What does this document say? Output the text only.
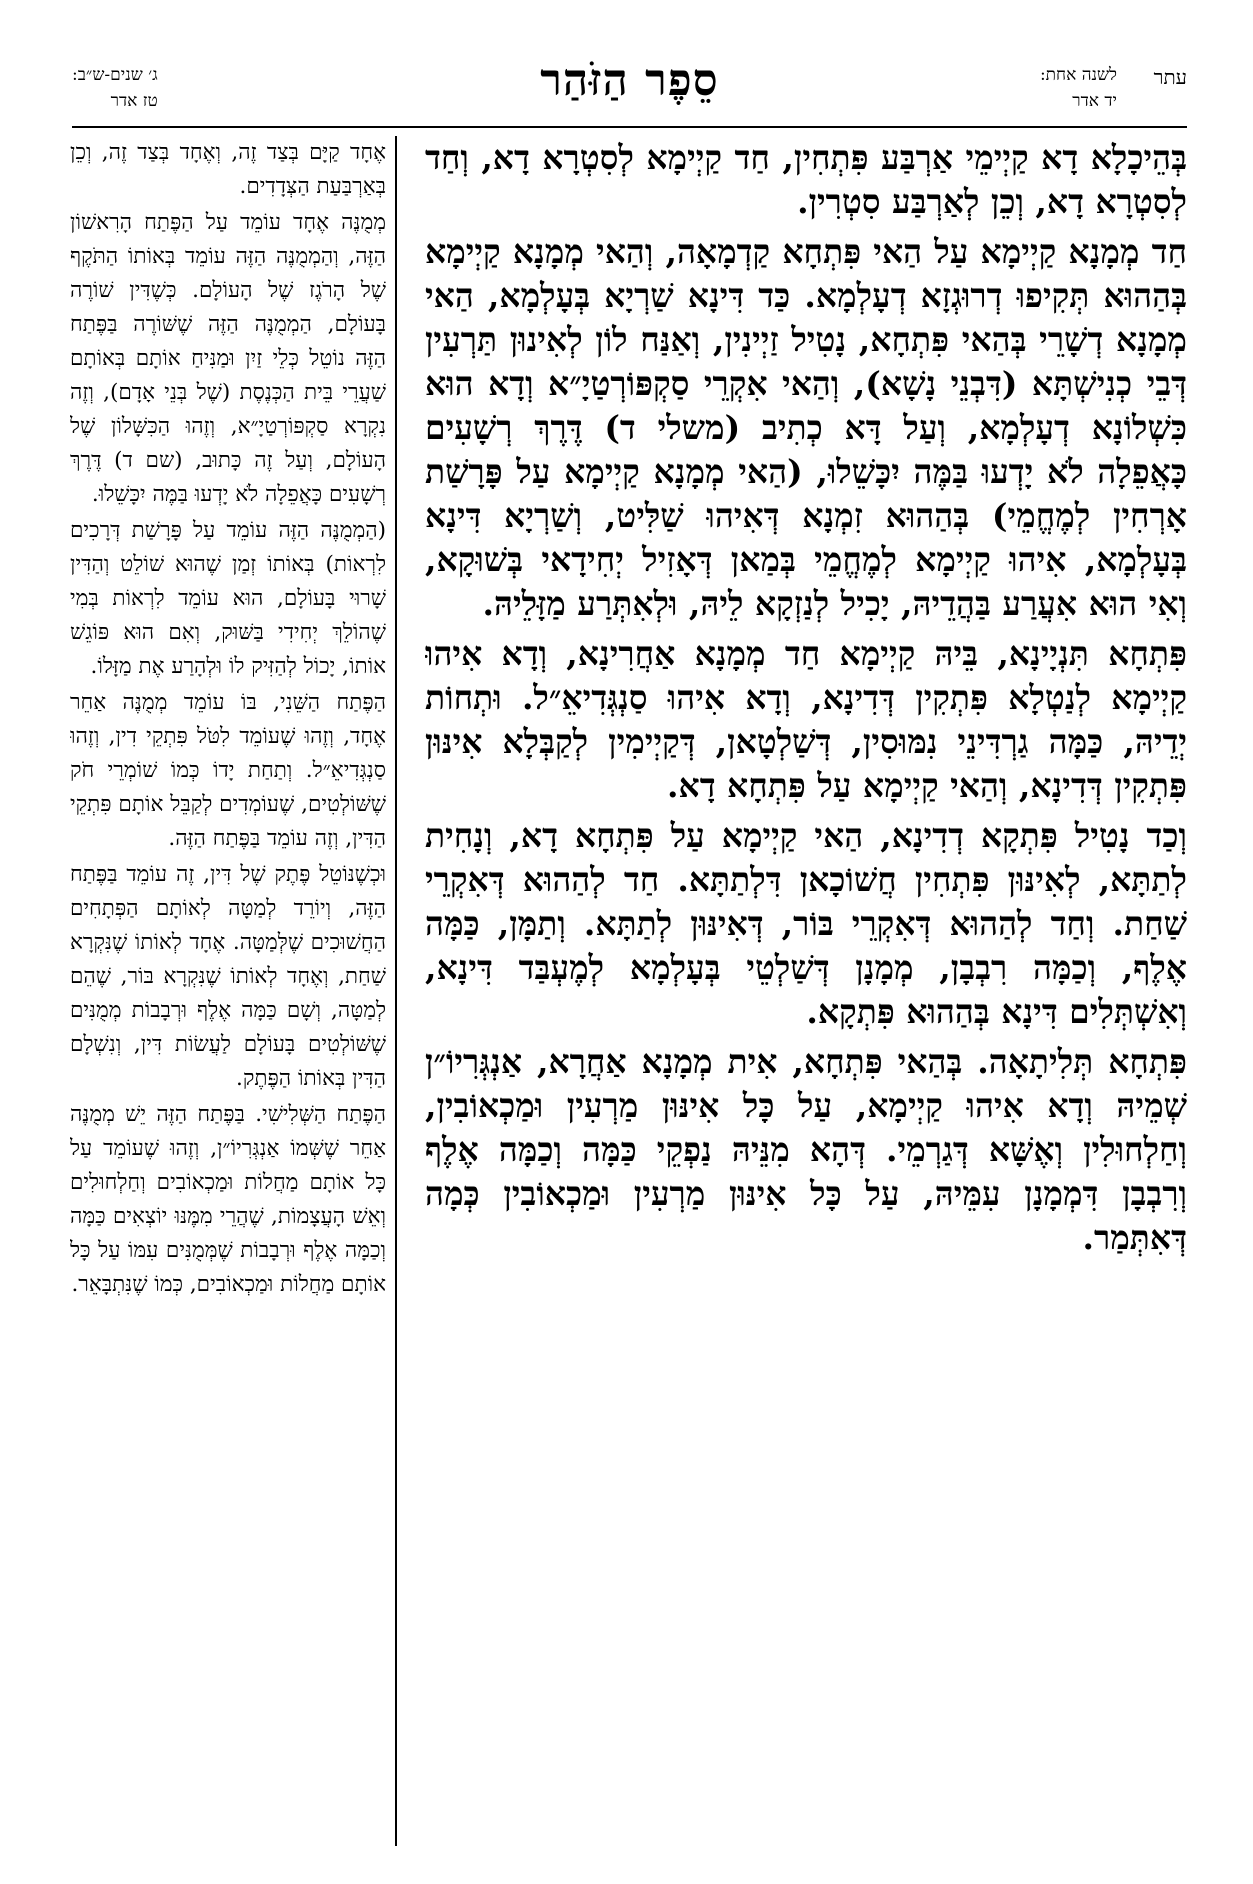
עתר
לשנה אחת:
יד אדר
סֵפֶר הַזֹּהַר
ג׳ שנים-ש״ב:
טז אדר

בְּהֵיכָלָא דָא קַיְימֵי אַרְבַּע פִּתְחִין, חַד קַיְימָא לְסִטְרָא דָא, וְחַד לְסִטְרָא דָא, וְכֵן לְאַרְבַּע סִטְרִין.

חַד מְמָנָא קַיְימָא עַל הַאי פִּתְחָא קַדְמָאָה, וְהַאי מְמָנָא קַיְימָא בְּהַהוּא תְּקִיפוּ דְרוּגְזָא דְעָלְמָא. כַּד דִּינָא שַׁרְיָא בְּעָלְמָא, הַאי מְמָנָא דְשָׁרֵי בְּהַאי פִּתְחָא, נָטִיל זַיְינִין, וְאַנַּח לוֹן לְאִינוּן תַּרְעִין דְּבֵי כְנִישְׁתָּא (דִּבְנֵי נָשָׁא), וְהַאי אִקְרֵי סַקְפּוֹרְטַיָ״א וְדָא הוּא כִּשְׁלוֹנָא דְעָלְמָא, וְעַל דָּא כְתִיב (משלי ד) דֶּרֶךְ רְשָׁעִים כָּאֲפֵלָה לֹא יָדְעוּ בַּמֶּה יִכָּשֵׁלוּ, (הַאי מְמָנָא קַיְימָא עַל פָּרָשַׁת אָרְחִין לְמֶחֱמֵי) בְּהַהוּא זִמְנָא דְּאִיהוּ שַׁלִּיט, וְשַׁרְיָא דִּינָא בְּעָלְמָא, אִיהוּ קַיְימָא לְמֶחֱמֵי בְּמַאן דְּאָזִיל יְחִידָאי בְּשׁוּקָא, וְאִי הוּא אִעֲרַע בַּהֲדֵיהּ, יָכִיל לְנַזְקָא לֵיהּ, וּלְאִתְּרַע מַזָּלֵיהּ.

פִּתְחָא תִּנְיָינָא, בֵּיהּ קַיְימָא חַד מְמָנָא אַחֲרִינָא, וְדָא אִיהוּ קַיְימָא לְנַטְלָא פִּתְקִין דְּדִינָא, וְדָא אִיהוּ סַנְגְּדִיאֵ״ל. וּתְחוֹת יְדֵיהּ, כַּמָּה גַרְדִּינֵי נִמּוּסִין, דְּשַׁלְטָאן, דְּקַיְימִין לְקַבְּלָא אִינּוּן פִּתְקִין דְּדִינָא, וְהַאי קַיְימָא עַל פִּתְחָא דָא.

וְכַד נָטִיל פִּתְקָא דְדִינָא, הַאי קַיְימָא עַל פִּתְחָא דָא, וְנָחִית לְתַתָּא, לְאִינּוּן פִּתְחִין חֲשׁוֹכָאן דִּלְתַתָּא. חַד לְהַהוּא דְּאִקְרֵי שַׁחַת. וְחַד לְהַהוּא דְּאִקְרֵי בּוֹר, דְּאִינּוּן לְתַתָּא. וְתַמָּן, כַּמָּה אֶלֶף, וְכַמָּה רִבְבָן, מְמָנָן דְּשַׁלְטֵי בְּעָלְמָא לְמֶעְבַּד דִּינָא, וְאִשְׁתְּלִים דִּינָא בְּהַהוּא פִּתְקָא.

פִּתְחָא תְּלִיתָאָה. בְּהַאי פִּתְחָא, אִית מְמָנָא אַחֲרָא, אַנְגְּרִיוֹ״ן שְׁמֵיהּ וְדָא אִיהוּ קַיְימָא, עַל כָּל אִינּוּן מַרְעִין וּמַכְאוֹבִין, וְחַלְחוּלִין וְאֶשָּׁא דְּגַרְמֵי. דְּהָא מִנֵּיהּ נַפְקֵי כַּמָּה וְכַמָּה אֶלֶף וְרִבְבָן דִּמְמָנָן עִמֵּיהּ, עַל כָּל אִינּוּן מַרְעִין וּמַכְאוֹבִין כְּמָה דְּאִתְּמַר.

אֶחָד קַיָּם בְּצַד זֶה, וְאֶחָד בְּצַד זֶה, וְכֵן בְּאַרְבַּעַת הַצְּדָדִים.

מְמֻנֶּה אֶחָד עוֹמֵד עַל הַפֶּתַח הָרִאשׁוֹן הַזֶּה, וְהַמְמֻנֶּה הַזֶּה עוֹמֵד בְּאוֹתוֹ הַתֹּקֶף שֶׁל הָרֹגֶז שֶׁל הָעוֹלָם. כְּשֶׁדִּין שׁוֹרֶה בָּעוֹלָם, הַמְמֻנֶּה הַזֶּה שֶׁשּׁוֹרֶה בַּפֶּתַח הַזֶּה נוֹטֵל כְּלֵי זַיִן וּמַנִּיחַ אוֹתָם בְּאוֹתָם שַׁעֲרֵי בֵּית הַכְּנֶסֶת (שֶׁל בְּנֵי אָדָם), וְזֶה נִקְרָא סַקְפּוֹרְטַיָ״א, וְזֶהוּ הַכִּשָּׁלוֹן שֶׁל הָעוֹלָם, וְעַל זֶה כָּתוּב, (שם ד) דֶּרֶךְ רְשָׁעִים כָּאֲפֵלָה לֹא יָדְעוּ בַּמֶּה יִכָּשֵׁלוּ.

(הַמְמֻנֶּה הַזֶּה עוֹמֵד עַל פָּרָשַׁת דְּרָכִים לִרְאוֹת) בְּאוֹתוֹ זְמַן שֶׁהוּא שׁוֹלֵט וְהַדִּין שָׁרוּי בָּעוֹלָם, הוּא עוֹמֵד לִרְאוֹת בְּמִי שֶׁהוֹלֵךְ יְחִידִי בַּשּׁוּק, וְאִם הוּא פּוֹגֵשׁ אוֹתוֹ, יָכוֹל לְהַזִּיק לוֹ וּלְהָרַע אֶת מַזָּלוֹ.

הַפֶּתַח הַשֵּׁנִי, בּוֹ עוֹמֵד מְמֻנֶּה אַחֵר אֶחָד, וְזֶהוּ שֶׁעוֹמֵד לִטֹּל פִּתְקֵי דִין, וְזֶהוּ סַנְגְּדִיאֵ״ל. וְתַחַת יָדוֹ כְּמוֹ שׁוֹמְרֵי חֹק שֶׁשּׁוֹלְטִים, שֶׁעוֹמְדִים לְקַבֵּל אוֹתָם פִּתְקֵי הַדִּין, וְזֶה עוֹמֵד בַּפֶּתַח הַזֶּה.

וּכְשֶׁנּוֹטֵל פֶּתֶק שֶׁל דִּין, זֶה עוֹמֵד בַּפֶּתַח הַזֶּה, וְיוֹרֵד לְמַטָּה לְאוֹתָם הַפְּתָחִים הַחֲשׁוּכִים שֶׁלְּמַטָּה. אֶחָד לְאוֹתוֹ שֶׁנִּקְרָא שַׁחַת, וְאֶחָד לְאוֹתוֹ שֶׁנִּקְרָא בּוֹר, שֶׁהֵם לְמַטָּה, וְשָׁם כַּמָּה אֶלֶף וּרְבָבוֹת מְמֻנִּים שֶׁשּׁוֹלְטִים בָּעוֹלָם לַעֲשׂוֹת דִּין, וְנִשְׁלָם הַדִּין בְּאוֹתוֹ הַפֶּתֶק.

הַפֶּתַח הַשְּׁלִישִׁי. בַּפֶּתַח הַזֶּה יֵשׁ מְמֻנֶּה אַחֵר שֶׁשְּׁמוֹ אַנְגְּרִיוֹ״ן, וְזֶהוּ שֶׁעוֹמֵד עַל כָּל אוֹתָם מַחֲלוֹת וּמַכְאוֹבִים וְחַלְחוּלִים וְאֵשׁ הָעֲצָמוֹת, שֶׁהֲרֵי מִמֶּנּוּ יוֹצְאִים כַּמָּה וְכַמָּה אֶלֶף וּרְבָבוֹת שֶׁמְּמֻנִּים עִמּוֹ עַל כָּל אוֹתָם מַחֲלוֹת וּמַכְאוֹבִים, כְּמוֹ שֶׁנִּתְבָּאֵר.
